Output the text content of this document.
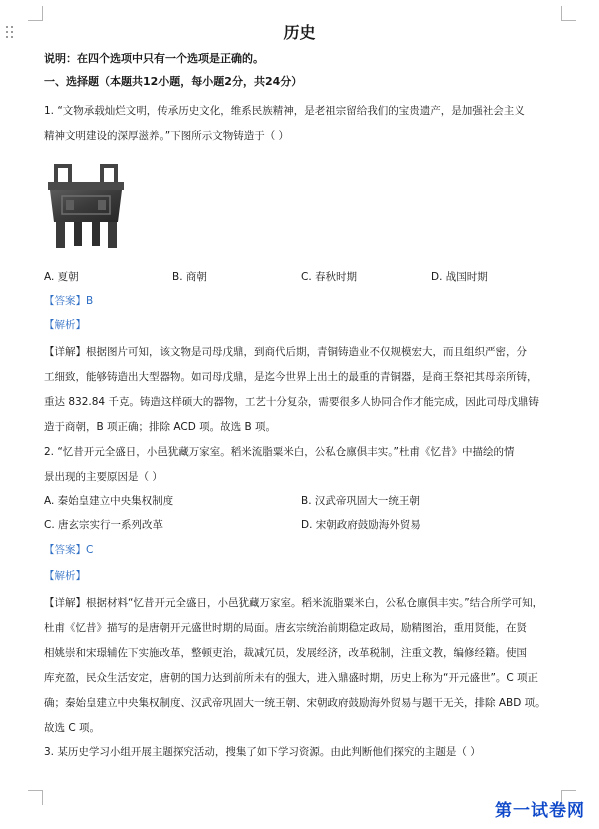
历史
说明：在四个选项中只有一个选项是正确的。
一、选择题（本题共12小题，每小题2分，共24分）
1. “文物承载灿烂文明，传承历史文化，维系民族精神，是老祖宗留给我们的宝贵遗产，是加强社会主义
精神文明建设的深厚滋养。”下图所示文物铸造于（ ）
A. 夏朝	B. 商朝	C. 春秋时期	D. 战国时期
【答案】B
【解析】
【详解】根据图片可知，该文物是司母戊鼎，到商代后期，青铜铸造业不仅规模宏大，而且组织严密，分
工细致，能够铸造出大型器物。如司母戊鼎，是迄今世界上出土的最重的青铜器，是商王祭祀其母亲所铸，
重达 832.84 千克。铸造这样硕大的器物，工艺十分复杂，需要很多人协同合作才能完成，因此司母戊鼎铸
造于商朝，B 项正确；排除 ACD 项。故选 B 项。
2. “忆昔开元全盛日，小邑犹藏万家室。稻米流脂粟米白，公私仓廪俱丰实。”杜甫《忆昔》中描绘的情
景出现的主要原因是（ ）
A. 秦始皇建立中央集权制度	B. 汉武帝巩固大一统王朝
C. 唐玄宗实行一系列改革	D. 宋朝政府鼓励海外贸易
【答案】C
【解析】
【详解】根据材料“忆昔开元全盛日，小邑犹藏万家室。稻米流脂粟米白，公私仓廪俱丰实。”结合所学可知，
杜甫《忆昔》描写的是唐朝开元盛世时期的局面。唐玄宗统治前期稳定政局，励精图治，重用贤能，在贤
相姚崇和宋璟辅佐下实施改革，整顿吏治，裁减冗员，发展经济，改革税制，注重文教，编修经籍。使国
库充盈，民众生活安定，唐朝的国力达到前所未有的强大，进入鼎盛时期，历史上称为“开元盛世”。C 项正
确；秦始皇建立中央集权制度、汉武帝巩固大一统王朝、宋朝政府鼓励海外贸易与题干无关，排除 ABD 项。
故选 C 项。
3. 某历史学习小组开展主题探究活动，搜集了如下学习资源。由此判断他们探究的主题是（ ）
第一试卷网
